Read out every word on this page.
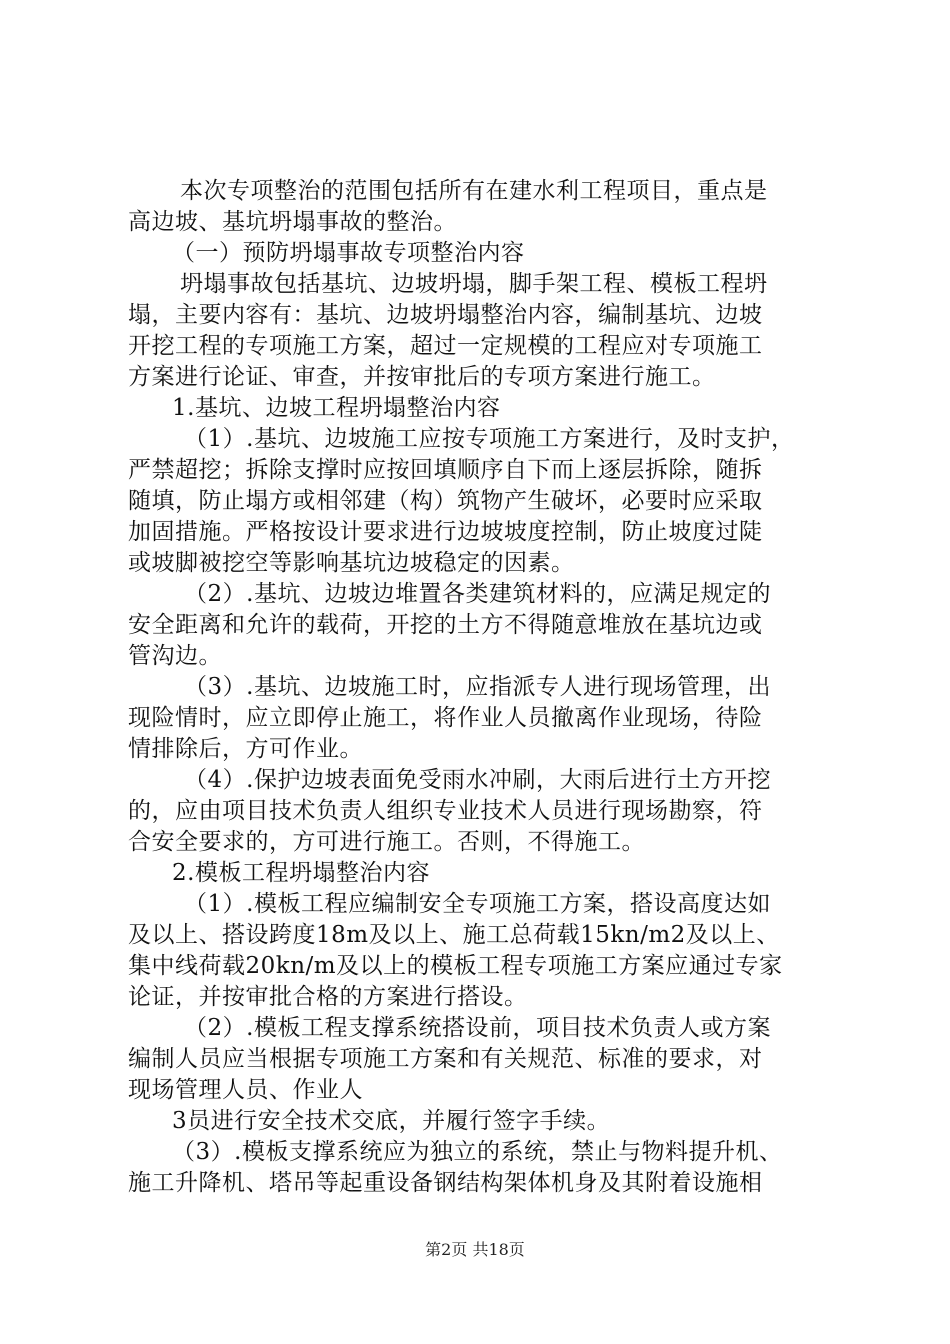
本次专项整治的范围包括所有在建水利工程项目，重点是
高边坡、基坑坍塌事故的整治。
（一）预防坍塌事故专项整治内容
坍塌事故包括基坑、边坡坍塌，脚手架工程、模板工程坍
塌，主要内容有：基坑、边坡坍塌整治内容，编制基坑、边坡
开挖工程的专项施工方案，超过一定规模的工程应对专项施工
方案进行论证、审查，并按审批后的专项方案进行施工。
1.基坑、边坡工程坍塌整治内容
（1）.基坑、边坡施工应按专项施工方案进行，及时支护，
严禁超挖；拆除支撑时应按回填顺序自下而上逐层拆除，随拆
随填，防止塌方或相邻建（构）筑物产生破坏，必要时应采取
加固措施。严格按设计要求进行边坡坡度控制，防止坡度过陡
或坡脚被挖空等影响基坑边坡稳定的因素。
（2）.基坑、边坡边堆置各类建筑材料的，应满足规定的
安全距离和允许的载荷，开挖的土方不得随意堆放在基坑边或
管沟边。
（3）.基坑、边坡施工时，应指派专人进行现场管理，出
现险情时，应立即停止施工，将作业人员撤离作业现场，待险
情排除后，方可作业。
（4）.保护边坡表面免受雨水冲刷，大雨后进行土方开挖
的，应由项目技术负责人组织专业技术人员进行现场勘察，符
合安全要求的，方可进行施工。否则，不得施工。
2.模板工程坍塌整治内容
（1）.模板工程应编制安全专项施工方案，搭设高度达如
及以上、搭设跨度18m及以上、施工总荷载15kn/m2及以上、
集中线荷载20kn/m及以上的模板工程专项施工方案应通过专家
论证，并按审批合格的方案进行搭设。
（2）.模板工程支撑系统搭设前，项目技术负责人或方案
编制人员应当根据专项施工方案和有关规范、标准的要求，对
现场管理人员、作业人
3员进行安全技术交底，并履行签字手续。
（3）.模板支撑系统应为独立的系统，禁止与物料提升机、
施工升降机、塔吊等起重设备钢结构架体机身及其附着设施相
第2页 共18页
